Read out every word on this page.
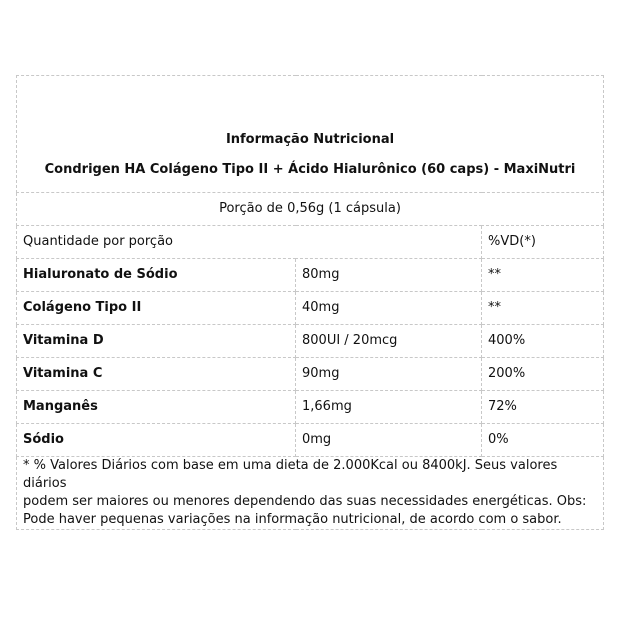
Informação Nutricional
Condrigen HA Colágeno Tipo II + Ácido Hialurônico (60 caps) - MaxiNutri		

Porção de 0,56g (1 cápsula)		
Quantidade por porção		%VD(*)
Hialuronato de Sódio	80mg	**
Colágeno Tipo II	40mg	**
Vitamina D	800UI / 20mcg	400%
Vitamina C	90mg	200%
Manganês	1,66mg	72%
Sódio	0mg	0%

* % Valores Diários com base em uma dieta de 2.000Kcal ou 8400kJ. Seus valores diários
podem ser maiores ou menores dependendo das suas necessidades energéticas. Obs:
Pode haver pequenas variações na informação nutricional, de acordo com o sabor.		
